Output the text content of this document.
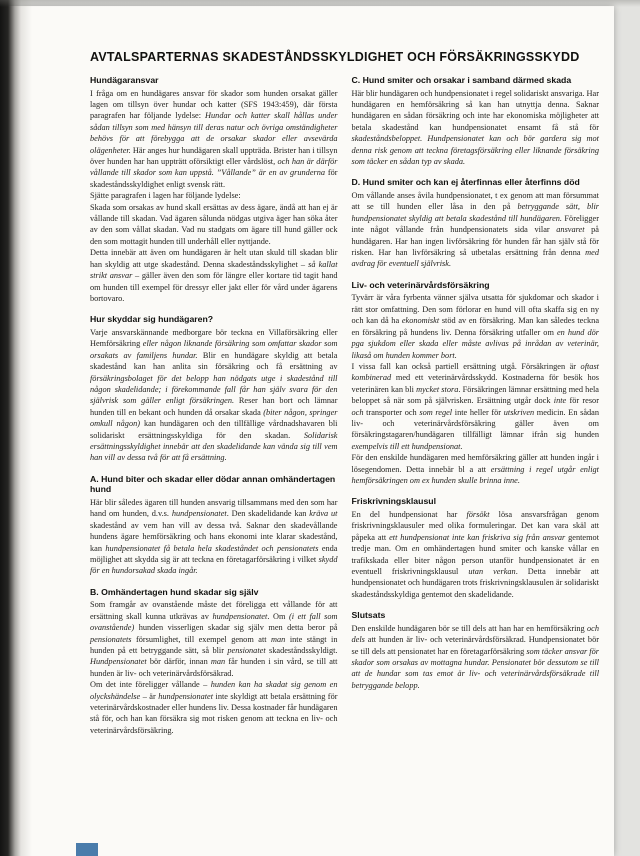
AVTALSPARTERNAS SKADESTÅNDSSKYLDIGHET OCH FÖRSÄKRINGSSKYDD
Hundägaransvar

I fråga om en hundägares ansvar för skador som hunden orsakat gäller lagen om tillsyn över hundar och katter (SFS 1943:459), där första paragrafen har följande lydelse: Hundar och katter skall hållas under sådan tillsyn som med hänsyn till deras natur och övriga omständigheter behövs för att förebygga att de orsakar skador eller avsevärda olägenheter. Här anges hur hundägaren skall uppträda. Brister han i tillsyn över hunden har han uppträtt oförsiktigt eller vårdslöst, och han är därför vållande till skador som kan uppstå. ”Vållande” är en av grunderna för skadeståndsskyldighet enligt svensk rätt.

Sjätte paragrafen i lagen har följande lydelse:

Skada som orsakas av hund skall ersättas av dess ägare, ändå att han ej är vållande till skadan. Vad ägaren sålunda nödgas utgiva äger han söka åter av den som vållat skadan. Vad nu stadgats om ägare till hund gäller ock den som mottagit hunden till underhåll eller nyttjande.

Detta innebär att även om hundägaren är helt utan skuld till skadan blir han skyldig att utge skadestånd. Denna skadeståndsskylighet – så kallat strikt ansvar – gäller även den som för längre eller kortare tid tagit hand om hunden till exempel för dressyr eller jakt eller för vård under ägarens bortovaro.

Hur skyddar sig hundägaren?

Varje ansvarskännande medborgare bör teckna en Villaförsäkring eller Hemförsäkring eller någon liknande försäkring som omfattar skador som orsakats av familjens hundar. Blir en hundägare skyldig att betala skadestånd kan han anlita sin försäkring och få ersättning av försäkringsbolaget för det belopp han nödgats utge i skadestånd till någon skadelidande; i förekommande fall får han själv svara för den självrisk som gäller enligt försäkringen. Reser han bort och lämnar hunden till en bekant och hunden då orsakar skada (biter någon, springer omkull någon) kan hundägaren och den tillfällige vårdnadshavaren bli solidariskt ersättningsskyldiga för den skadan. Solidarisk ersättningsskyldighet innebär att den skadelidande kan vända sig till vem han vill av dessa två för att få ersättning.

A. Hund biter och skadar eller dödar annan omhändertagen hund

Här blir således ägaren till hunden ansvarig tillsammans med den som har hand om hunden, d.v.s. hundpensionatet. Den skadelidande kan kräva ut skadestånd av vem han vill av dessa två. Saknar den skadevållande hundens ägare hemförsäkring och hans ekonomi inte klarar skadestånd, kan hundpensionatet få betala hela skadeståndet och pensionatets enda möjlighet att skydda sig är att teckna en företagarförsäkring i vilket skydd för en hundorsakad skada ingår.

B. Omhändertagen hund skadar sig själv

Som framgår av ovanstående måste det föreligga ett vållande för att ersättning skall kunna utkrävas av hundpensionatet. Om (i ett fall som ovanstående) hunden visserligen skadar sig själv men detta beror på pensionatets försumlighet, till exempel genom att man inte stängt in hunden på ett betryggande sätt, så blir pensionatet skadeståndsskyldigt. Hundpensionatet bör därför, innan man får hunden i sin vård, se till att hunden är liv- och veterinärvårdsförsäkrad.

Om det inte föreligger vållande – hunden kan ha skadat sig genom en olyckshändelse – är hundpensionatet inte skyldigt att betala ersättning för veterinärvårdskostnader eller hundens liv. Dessa kostnader får hundägaren stå för, och han kan försäkra sig mot risken genom att teckna en liv- och veterinärvårdsförsäkring.

C. Hund smiter och orsakar i samband därmed skada

Här blir hundägaren och hundpensionatet i regel solidariskt ansvariga. Har hundägaren en hemförsäkring så kan han utnyttja denna. Saknar hundägaren en sådan försäkring och inte har ekonomiska möjligheter att betala skadestånd kan hundpensionatet ensamt få stå för skadeståndsbeloppet. Hundpensionatet kan och bör gardera sig mot denna risk genom att teckna företagsförsäkring eller liknande försäkring som täcker en sådan typ av skada.

D. Hund smiter och kan ej återfinnas eller återfinns död

Om vållande anses åvila hundpensionatet, t ex genom att man försummat att se till hunden eller låsa in den på betryggande sätt, blir hundpensionatet skyldig att betala skadestånd till hundägaren. Föreligger inte något vållande från hundpensionatets sida vilar ansvaret på hundägaren. Har han ingen livförsäkring för hunden får han själv stå för risken. Har han livförsäkring så utbetalas ersättning från denna med avdrag för eventuell självrisk.

Liv- och veterinärvårdsförsäkring

Tyvärr är våra fyrbenta vänner själva utsatta för sjukdomar och skador i rätt stor omfattning. Den som förlorar en hund vill ofta skaffa sig en ny och kan då ha ekonomiskt stöd av en försäkring. Man kan således teckna en försäkring på hundens liv. Denna försäkring utfaller om en hund dör pga sjukdom eller skada eller måste avlivas på inrådan av veterinär, likaså om hunden kommer bort.

I vissa fall kan också partiell ersättning utgå. Försäkringen är oftast kombinerad med ett veterinärvårdsskydd. Kostnaderna för besök hos veterinären kan bli mycket stora. Försäkringen lämnar ersättning med hela beloppet så när som på självrisken. Ersättning utgår dock inte för resor och transporter och som regel inte heller för utskriven medicin. En sådan liv- och veterinärvårdsförsäkring gäller även om försäkringstagaren/hundägaren tillfälligt lämnar ifrån sig hunden exempelvis till ett hundpensionat.

För den enskilde hundägaren med hemförsäkring gäller att hunden ingår i lösegendomen. Detta innebär bl a att ersättning i regel utgår enligt hemförsäkringen om ex hunden skulle brinna inne.

Friskrivningsklausul

En del hundpensionat har försökt lösa ansvarsfrågan genom friskrivningsklausuler med olika formuleringar. Det kan vara skäl att påpeka att ett hundpensionat inte kan friskriva sig från ansvar gentemot tredje man. Om en omhändertagen hund smiter och kanske vållar en trafikskada eller biter någon person utanför hundpensionatet är en eventuell friskrivningsklausul utan verkan. Detta innebär att hundpensionatet och hundägaren trots friskrivningsklausulen är solidariskt skadeståndsskyldiga gentemot den skadelidande.

Slutsats

Den enskilde hundägaren bör se till dels att han har en hemförsäkring och dels att hunden är liv- och veterinärvårdsförsäkrad. Hundpensionatet bör se till dels att pensionatet har en företagarförsäkring som täcker ansvar för skador som orsakas av mottagna hundar. Pensionatet bör dessutom se till att de hundar som tas emot är liv- och veterinärvårdsförsäkrade till betryggande belopp.
